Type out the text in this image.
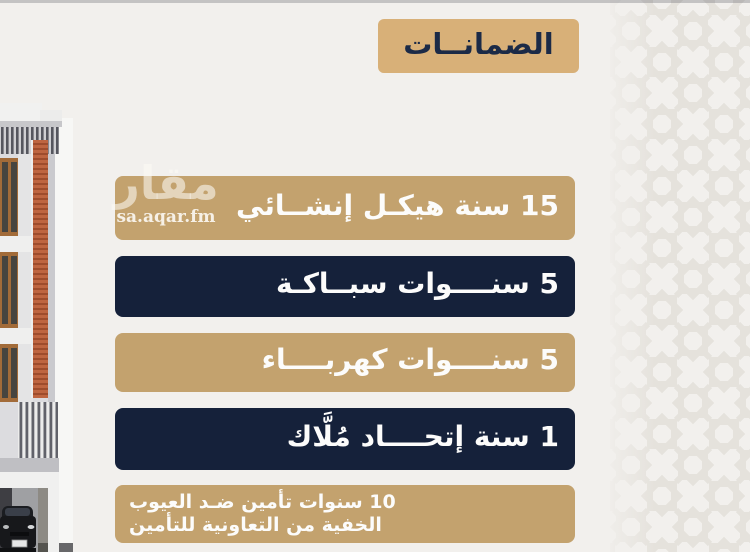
الضمانــات
15 سنة هيكـل إنشــائي
5 سنــــوات سبــاكـة
5 سنــــوات كهربــــاء
1 سنة إتحــــاد مُلَّاك
10 سنوات تأمين ضـد العيوب
الخفية من التعاونية للتأمين
مقار
sa.aqar.fm
